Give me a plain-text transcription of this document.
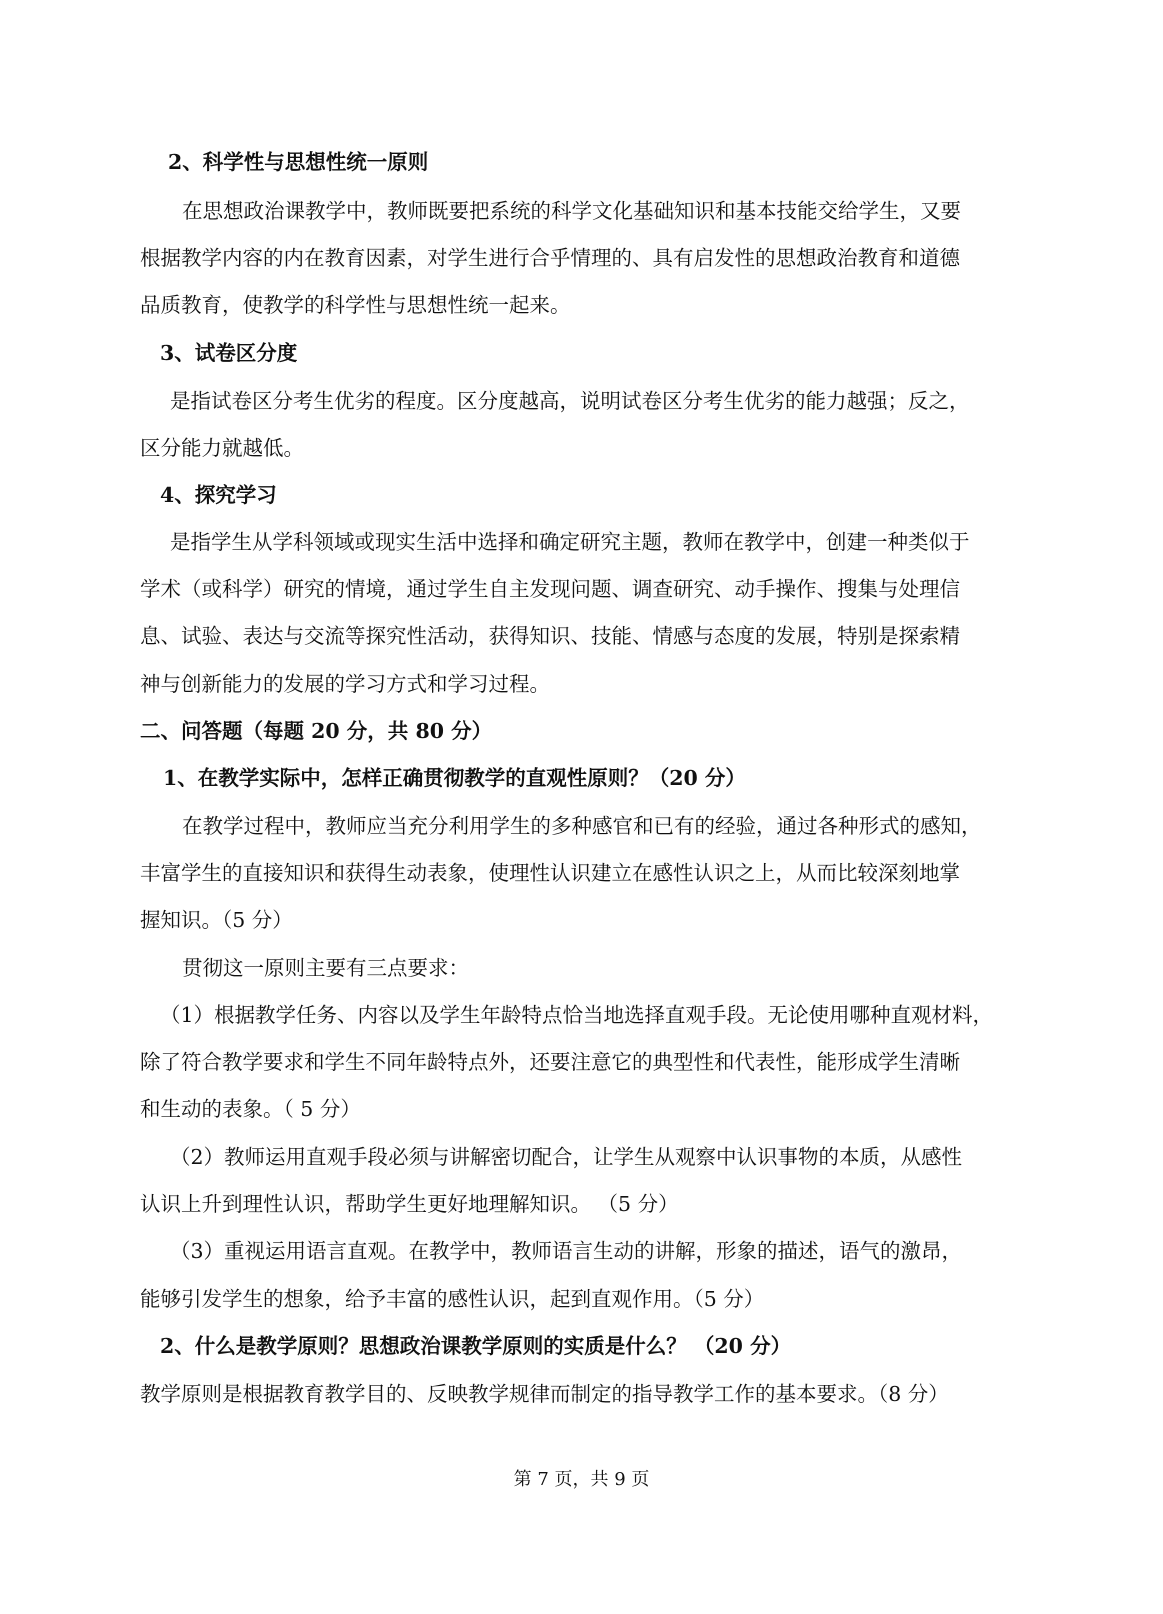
2、科学性与思想性统一原则
在思想政治课教学中，教师既要把系统的科学文化基础知识和基本技能交给学生，又要
根据教学内容的内在教育因素，对学生进行合乎情理的、具有启发性的思想政治教育和道德
品质教育，使教学的科学性与思想性统一起来。
3、试卷区分度
是指试卷区分考生优劣的程度。区分度越高，说明试卷区分考生优劣的能力越强；反之，
区分能力就越低。
4、探究学习
是指学生从学科领域或现实生活中选择和确定研究主题，教师在教学中，创建一种类似于
学术（或科学）研究的情境，通过学生自主发现问题、调查研究、动手操作、搜集与处理信
息、试验、表达与交流等探究性活动，获得知识、技能、情感与态度的发展，特别是探索精
神与创新能力的发展的学习方式和学习过程。
二、问答题（每题 20 分，共 80 分）
1、在教学实际中，怎样正确贯彻教学的直观性原则？（20 分）
在教学过程中，教师应当充分利用学生的多种感官和已有的经验，通过各种形式的感知，
丰富学生的直接知识和获得生动表象，使理性认识建立在感性认识之上，从而比较深刻地掌
握知识。（5 分）
贯彻这一原则主要有三点要求：
（1）根据教学任务、内容以及学生年龄特点恰当地选择直观手段。无论使用哪种直观材料，
除了符合教学要求和学生不同年龄特点外，还要注意它的典型性和代表性，能形成学生清晰
和生动的表象。（ 5 分）
（2）教师运用直观手段必须与讲解密切配合，让学生从观察中认识事物的本质，从感性
认识上升到理性认识，帮助学生更好地理解知识。 （5 分）
（3）重视运用语言直观。在教学中，教师语言生动的讲解，形象的描述，语气的激昂，
能够引发学生的想象，给予丰富的感性认识，起到直观作用。（5 分）
2、什么是教学原则？思想政治课教学原则的实质是什么？ （20 分）
教学原则是根据教育教学目的、反映教学规律而制定的指导教学工作的基本要求。（8 分）
第 7 页，共 9 页
